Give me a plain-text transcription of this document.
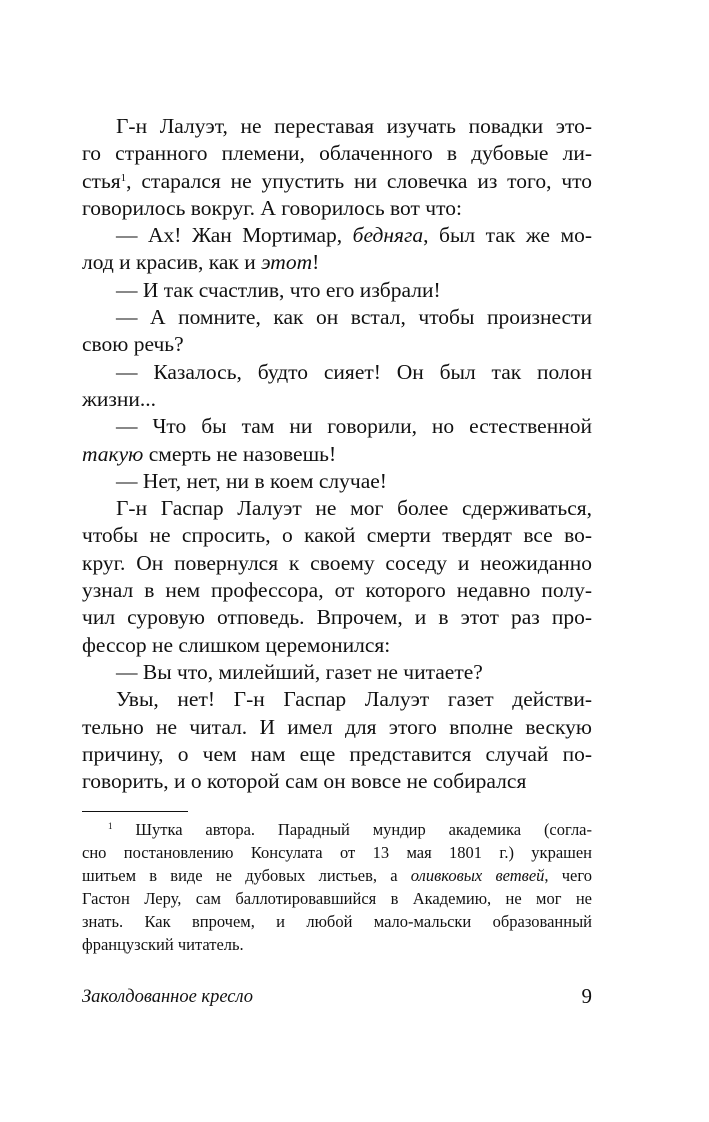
Г-н Лалуэт, не переставая изучать повадки это-
го странного племени, облаченного в дубовые ли-
стья$^1$, старался не упустить ни словечка из того, что
говорилось вокруг. А говорилось вот что:
— Ах! Жан Мортимар, бедняга, был так же мо-
лод и красив, как и этот!
— И так счастлив, что его избрали!
— А помните, как он встал, чтобы произнести
свою речь?
— Казалось, будто сияет! Он был так полон
жизни...
— Что бы там ни говорили, но естественной
такую смерть не назовешь!
— Нет, нет, ни в коем случае!
Г-н Гаспар Лалуэт не мог более сдерживаться,
чтобы не спросить, о какой смерти твердят все во-
круг. Он повернулся к своему соседу и неожиданно
узнал в нем профессора, от которого недавно полу-
чил суровую отповедь. Впрочем, и в этот раз про-
фессор не слишком церемонился:
— Вы что, милейший, газет не читаете?
Увы, нет! Г-н Гаспар Лалуэт газет действи-
тельно не читал. И имел для этого вполне вескую
причину, о чем нам еще представится случай по-
говорить, и о которой сам он вовсе не собирался
$^1$ Шутка автора. Парадный мундир академика (согла-
сно постановлению Консулата от 13 мая 1801 г.) украшен
шитьем в виде не дубовых листьев, а оливковых ветвей, чего
Гастон Леру, сам баллотировавшийся в Академию, не мог не
знать. Как впрочем, и любой мало-мальски образованный
французский читатель.
Заколдованное кресло	9
